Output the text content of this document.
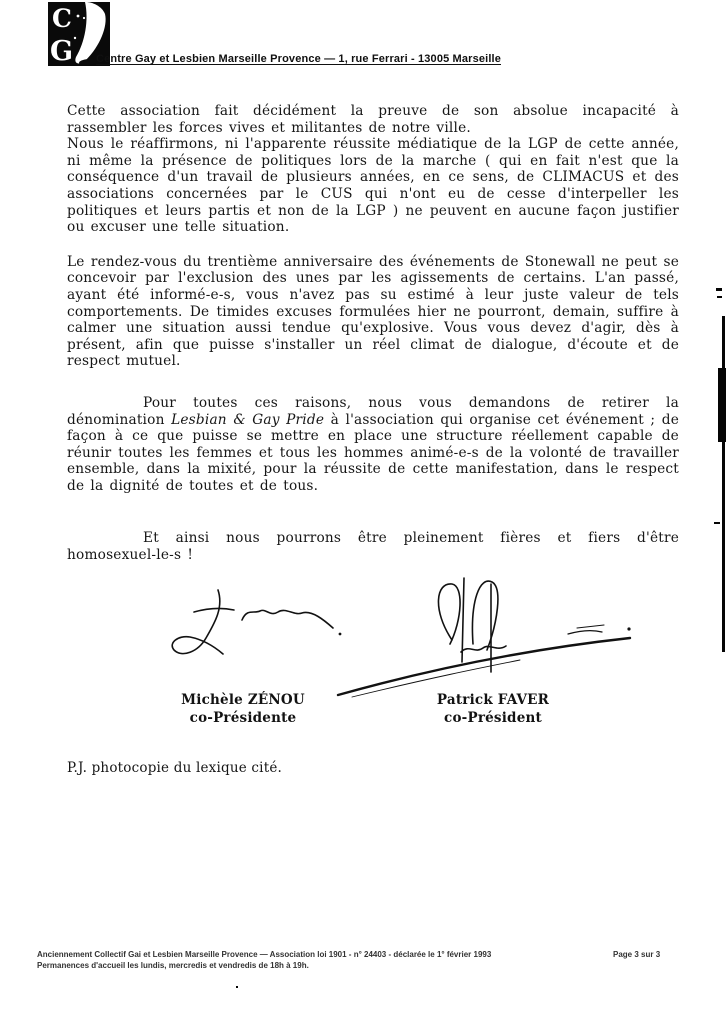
C
G Centre Gay et Lesbien Marseille Provence — 1, rue Ferrari - 13005 Marseille

Cette association fait décidément la preuve de son absolue incapacité à rassembler les forces vives et militantes de notre ville.

Nous le réaffirmons, ni l'apparente réussite médiatique de la LGP de cette année, ni même la présence de politiques lors de la marche ( qui en fait n'est que la conséquence d'un travail de plusieurs années, en ce sens, de CLIMACUS et des associations concernées par le CUS qui n'ont eu de cesse d'interpeller les politiques et leurs partis et non de la LGP ) ne peuvent en aucune façon justifier ou excuser une telle situation.

Le rendez-vous du trentième anniversaire des événements de Stonewall ne peut se concevoir par l'exclusion des unes par les agissements de certains. L'an passé, ayant été informé-e-s, vous n'avez pas su estimé à leur juste valeur de tels comportements. De timides excuses formulées hier ne pourront, demain, suffire à calmer une situation aussi tendue qu'explosive. Vous vous devez d'agir, dès à présent, afin que puisse s'installer un réel climat de dialogue, d'écoute et de respect mutuel.

Pour toutes ces raisons, nous vous demandons de retirer la dénomination Lesbian & Gay Pride à l'association qui organise cet événement ; de façon à ce que puisse se mettre en place une structure réellement capable de réunir toutes les femmes et tous les hommes animé-e-s de la volonté de travailler ensemble, dans la mixité, pour la réussite de cette manifestation, dans le respect de la dignité de toutes et de tous.

Et ainsi nous pourrons être pleinement fières et fiers d'être homosexuel-le-s !

Michèle ZÉNOU
co-Présidente
Patrick FAVER
co-Président
P.J. photocopie du lexique cité.
Anciennement Collectif Gai et Lesbien Marseille Provence — Association loi 1901 - n° 24403 - déclarée le 1° février 1993	Page 3 sur 3
Permanences d'accueil les lundis, mercredis et vendredis de 18h à 19h.
